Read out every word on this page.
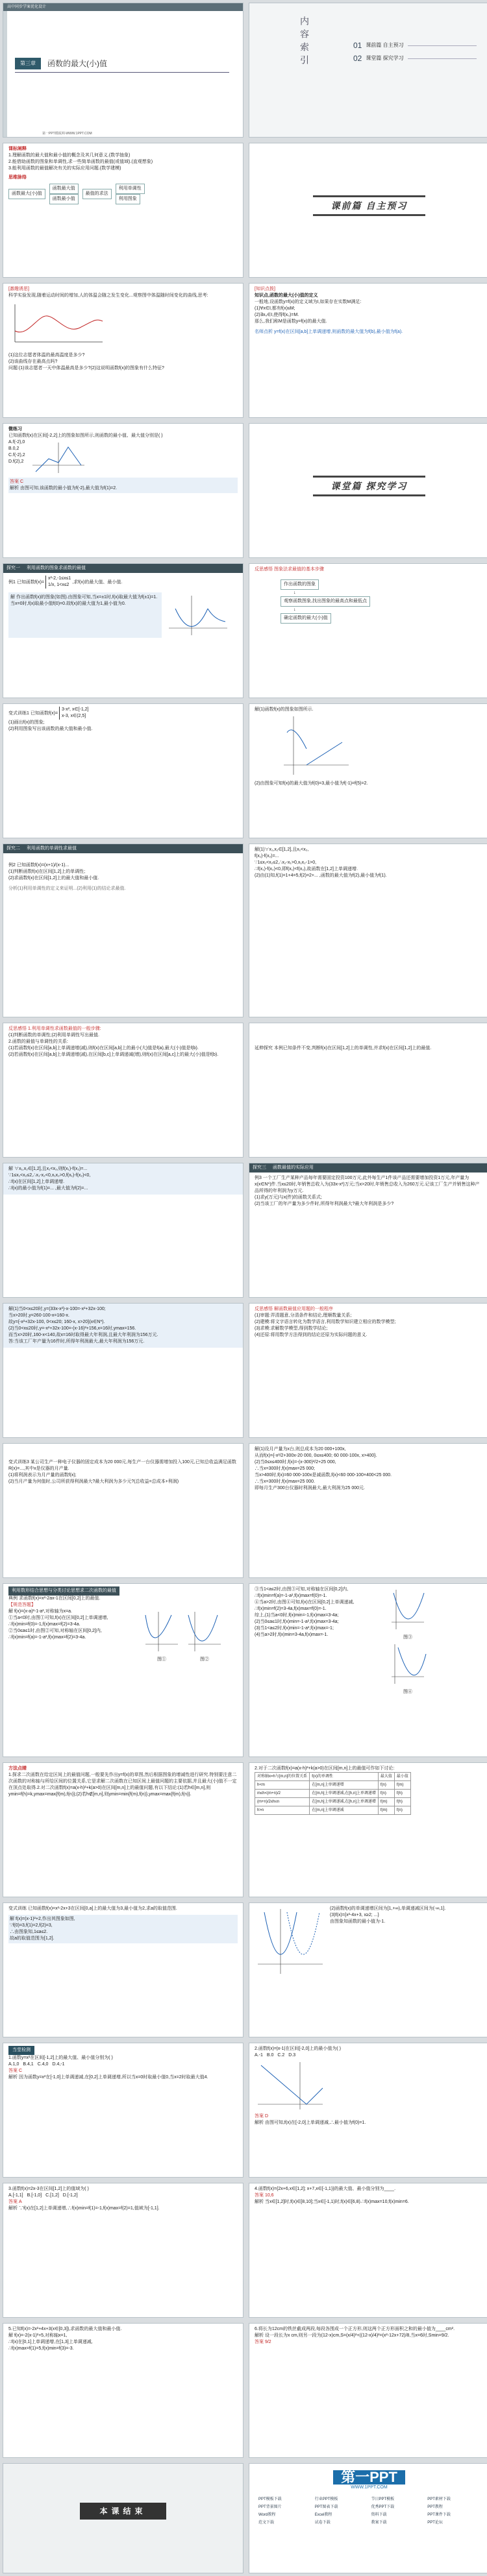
高中同步学案优化设计
第三章	函数的最大(小)值
第一PPT模板网-WWW.1PPT.COM
内容索引	01 课前篇 自主预习
02 课堂篇 探究学习
课标阐释
1.理解函数的最大值和最小值的概念及其几何意义.(数学抽象)
2.能借助函数的图象和单调性,求一些简单函数的最值(或值域).(直观想象)
3.能利用函数的最值解决有关的实际应用问题.(数学建模)
思维脉络
函数最大(小)值
函数最大值
函数最小值
最值的求法
利用单调性
利用图象
课前篇 自主预习
[激趣诱思]
科学实验发现,随着运动时间的增加,人的体温会随之发生变化...观察图中体温随时间变化的曲线,思考:
(1)这位志愿者体温的最高温度是多少?
(2)该曲线存在最高点吗?
问题:(1)该志愿者一天中体温最高是多少?(2)这说明函数f(x)的图象有什么特征?
[知识点拨]
知识点,函数的最大(小)值的定义
一般地,设函数y=f(x)的定义域为I,如果存在实数M满足:
(1)∀x∈I,都有f(x)≤M;
(2)∃x₀∈I,使得f(x₀)=M.
那么,我们称M是函数y=f(x)的最大值.
名师点析 y=f(x)在区间[a,b]上单调递增,则函数的最大值为f(b),最小值为f(a).
微练习
已知函数f(x)在区间[-2,2]上的图象如图所示,则函数的最小值、最大值分别是( )
A.f(-2),0
B.0,2
C.f(-2),2
D.f(2),2
答案 C
解析 由图可知,该函数的最小值为f(-2),最大值为f(1)=2.	课堂篇 探究学习
探究一 利用函数的图象求函数的最值
例1 已知函数f(x)= x²-2,-1≤x≤1
1/x, 1<x≤2 ,求f(x)的最大值、最小值.
解 作出函数f(x)的图象(如图).由图象可知,当x=±1时,f(x)取最大值为f(±1)=1.当x=0时,f(x)取最小值f(0)=0.故f(x)的最大值为1,最小值为0.
反思感悟 图象法求最值的基本步骤
作出函数的图象
↓
观察函数图象,找出图象的最高点和最低点
↓
确定函数的最大(小)值
变式训练1 已知函数f(x)= 3-x², x∈[-1,2]
x-3, x∈(2,5]
(1)画出f(x)的图象;
(2)利用图象写出该函数的最大值和最小值.
解(1)函数f(x)的图象如图所示.
(2)由图象可知f(x)的最大值为f(0)=3,最小值为f(-1)=f(5)=2.
探究二 利用函数的单调性求最值
例2 已知函数f(x)=(x+1)/(x-1)...
(1)判断函数f(x)在区间[1,2]上的单调性;
(2)求函数f(x)在区间[1,2]上的最大值和最小值.
分析(1)利用单调性的定义来证明...(2)利用(1)的结论求最值.
解(1)∀x₁,x₂∈[1,2],且x₁<x₂,
f(x₁)-f(x₂)=...
∵1≤x₁<x₂≤2,∴x₂-x₁>0,x₁x₂-1>0,
∴f(x₁)-f(x₂)<0,即f(x₁)<f(x₂),故函数在[1,2]上单调递增.
(2)由(1)知,f(1)=1+4=5,f(2)=2+... ,函数的最大值为f(2),最小值为f(1).
反思感悟 1.利用单调性求函数最值的一般步骤:
(1)判断函数的单调性;(2)利用单调性写出最值.
2.函数的最值与单调性的关系:
(1)若函数f(x)在区间[a,b]上单调递增(减),则f(x)在区间[a,b]上的最小(大)值是f(a),最大(小)值是f(b).
(2)若函数f(x)在区间[a,b]上单调递增(减),在区间[b,c]上单调递减(增),则f(x)在区间[a,c]上的最大(小)值是f(b).
延伸探究 本例已知条件不变,判断f(x)在区间[1,2]上的单调性,并求f(x)在区间[1,2]上的最值.
解 ∀x₁,x₂∈[1,2],且x₁<x₂,则f(x₁)-f(x₂)=...
∵1≤x₁<x₂≤2,∴x₁-x₂<0,x₁x₂>0,f(x₁)-f(x₂)<0,
∴f(x)在区间[1,2]上单调递增.
∴f(x)的最小值为f(1)=... ,最大值为f(2)=...
探究三 函数最值的实际应用
例3 一个工厂生产某种产品每年需要固定投资100万元,此外每生产1件该产品还需要增加投资1万元,年产量为x(x∈N*)件.当x≤20时,年销售总收入为(33x-x²)万元;当x>20时,年销售总收入为260万元.记该工厂生产并销售这种产品所得的年利润为y万元.
(1)求y(万元)与x(件)的函数关系式;
(2)当该工厂的年产量为多少件时,所得年利润最大?最大年利润是多少?
解(1)当0<x≤20时,y=(33x-x²)-x-100=-x²+32x-100;
当x>20时,y=260-100-x=160-x.
故y={-x²+32x-100, 0<x≤20; 160-x, x>20}(x∈N*).
(2)当0<x≤20时,y=-x²+32x-100=-(x-16)²+156,x=16时,ymax=156.
而当x>20时,160-x<140,故x=16时取得最大年利润,且最大年利润为156万元.
答:当该工厂年产量为16件时,所得年利润最大,最大年利润为156万元.
反思感悟 解函数最值应用题的一般程序
(1)审题:弄清题意,分清条件和结论,理顺数量关系;
(2)建模:将文字语言转化为数学语言,利用数学知识建立相应的数学模型;
(3)求模:求解数学模型,得到数学结论;
(4)还原:将用数学方法得到的结论还原为实际问题的意义.
变式训练3 某公司生产一种电子仪器的固定成本为20 000元,每生产一台仪器需增加投入100元,已知总收益满足函数R(x)=...,其中x是仪器的月产量.
(1)将利润表示为月产量的函数f(x);
(2)当月产量为何值时,公司所获得利润最大?最大利润为多少元?(总收益=总成本+利润)
解(1)设月产量为x台,则总成本为20 000+100x,
从而f(x)={-x²/2+300x-20 000, 0≤x≤400; 60 000-100x, x>400}.
(2)当0≤x≤400时,f(x)=-(x-300)²/2+25 000,
∴当x=300时,f(x)max=25 000;
当x>400时,f(x)=60 000-100x是减函数,f(x)<60 000-100×400<25 000.
∴当x=300时,f(x)max=25 000.
即每月生产300台仪器时利润最大,最大利润为25 000元.
利用数形结合思想与分类讨论思想求二次函数的最值
典例 求函数f(x)=x²-2ax-1在区间[0,2]上的最值.
【规范答题】
解 f(x)=(x-a)²-1-a²,对称轴为x=a.
①当a<0时,由图①可知,f(x)在区间[0,2]上单调递增,
∴f(x)min=f(0)=-1,f(x)max=f(2)=3-4a.
②当0≤a≤1时,由图②可知,对称轴在区间[0,2]内,
∴f(x)min=f(a)=-1-a²,f(x)max=f(2)=3-4a.
图①	图②
③当1<a≤2时,由图③可知,对称轴在区间[0,2]内,
∴f(x)min=f(a)=-1-a²,f(x)max=f(0)=-1.
④当a>2时,由图④可知,f(x)在区间[0,2]上单调递减,
∴f(x)min=f(2)=3-4a,f(x)max=f(0)=-1.
综上,(1)当a<0时,f(x)min=-1,f(x)max=3-4a;
(2)当0≤a≤1时,f(x)min=-1-a²,f(x)max=3-4a;
(3)当1<a≤2时,f(x)min=-1-a²,f(x)max=-1;
(4)当a>2时,f(x)min=3-4a,f(x)max=-1.
图③
图④
方法点睛
1.探求二次函数在给定区间上的最值问题,一般要先作出y=f(x)的草图,然后根据图象的增减性进行研究.特别要注意二次函数的对称轴与所给区间的位置关系,它是求解二次函数在已知区间上最值问题的主要依据,并且最大(小)值不一定在顶点处取得.2.对二次函数f(x)=a(x-h)²+k(a>0)在区间[m,n]上的最值问题,有以下结论:(1)若h∈[m,n],则ymin=f(h)=k,ymax=max{f(m),f(n)};(2)若h∉[m,n],则ymin=min{f(m),f(n)},ymax=max{f(m),f(n)}.
2.对于二次函数f(x)=a(x-h)²+k(a>0)在区间[m,n]上的最值可作如下讨论:
对称轴x=h与[m,n]的位置关系	f(x)的单调性	最大值	最小值
h<m	在[m,n]上单调递增	f(n)	f(m)
m≤h<(m+n)/2	在[m,h]上单调递减,在[h,n]上单调递增	f(n)	f(h)
(m+n)/2≤h≤n	在[m,h]上单调递减,在[h,n]上单调递增	f(m)	f(h)
h>n	在[m,n]上单调递减	f(m)	f(n)
变式训练 已知函数f(x)=x²-2x+3在区间[0,a]上的最大值为3,最小值为2,求a的取值范围.
解 f(x)=(x-1)²+2,作出其图象如图,
∵f(0)=3,f(1)=2,f(2)=3,
∴由图象知,1≤a≤2.
故a的取值范围为[1,2].
(2)函数f(x)的单调递增区间为[1,+∞),单调递减区间为(-∞,1].
(3)f(x)={x²-4x+3, x≥2; ...}
由图象知函数的最小值为-1.
当堂检测
1.函数y=x²在区间[-1,2]上的最大值、最小值分别为( )
A.1,0 B.4,1 C.4,0 D.4,-1
答案 C
解析 因为函数y=x²在[-1,0]上单调递减,在[0,2]上单调递增,所以当x=0时取最小值0,当x=2时取最大值4.
2.函数f(x)=|x-1|在区间[-2,0]上的最小值为( )
A.-1 B.0 C.2 D.3
答案 D
解析 由图可知,f(x)在[-2,0]上单调递减,∴最小值为f(0)=1.
3.函数f(x)=2x-3在区间[1,2]上的值域为( )
A.[-1,1] B.[-1,0] C.[1,2] D.[-1,2]
答案 A
解析 ∵f(x)在[1,2]上单调递增,∴f(x)min=f(1)=-1,f(x)max=f(2)=1,值域为[-1,1].
4.函数f(x)={2x+6,x∈[1,2]; x+7,x∈[-1,1)}的最大值、最小值分别为____.
答案 10,6
解析 当x∈[1,2]时,f(x)∈[8,10];当x∈[-1,1)时,f(x)∈[6,8).∴f(x)max=10,f(x)min=6.
5.已知f(x)=-2x²+4x+3(x∈[0,3]),求函数的最大值和最小值.
解 f(x)=-2(x-1)²+5,对称轴x=1,
∴f(x)在[0,1]上单调递增,在[1,3]上单调递减,
∴f(x)max=f(1)=5,f(x)min=f(3)=-3.
6.将长为12cm的铁丝截成两段,每段各围成一个正方形,则这两个正方形面积之和的最小值为____cm².
解析 设一段长为x cm,则另一段为(12-x)cm,S=(x/4)²+((12-x)/4)²=(x²-12x+72)/8,当x=6时,Smin=9/2.
答案 9/2
本课结束
第一PPT
WWW.1PPT.COM
PPT模板下载	行业PPT模板	节日PPT模板	PPT素材下载
PPT背景图片	PPT图表下载	优秀PPT下载	PPT教程
Word教程	Excel教程	资料下载	PPT课件下载
范文下载	试卷下载	教案下载	PPT论坛
